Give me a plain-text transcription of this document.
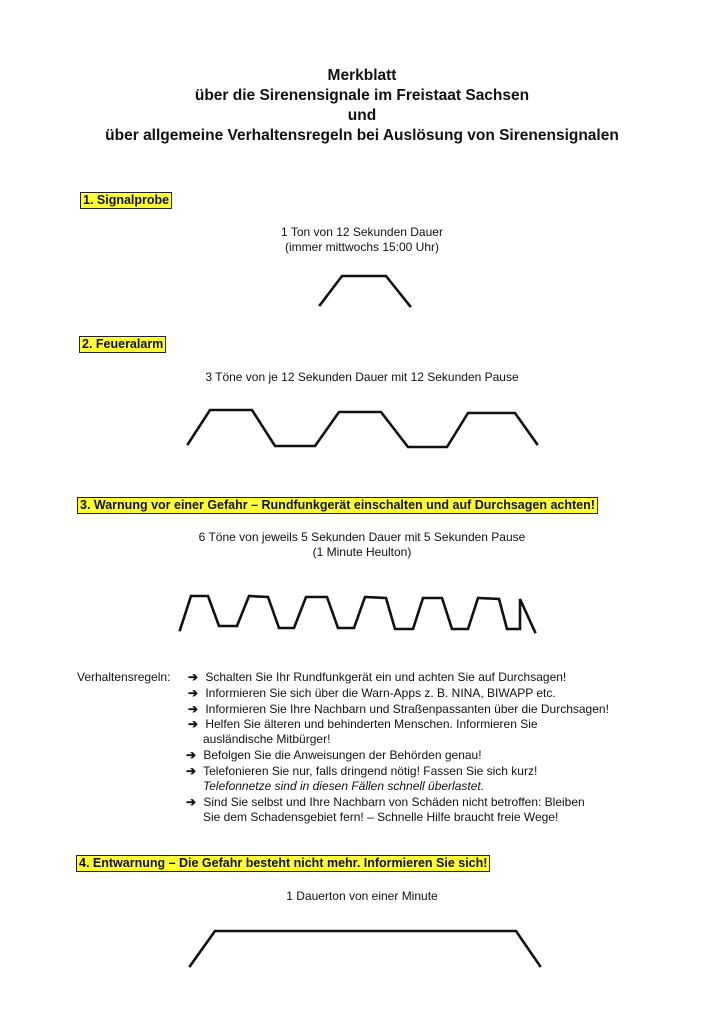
Merkblatt
über die Sirenensignale im Freistaat Sachsen
und
über allgemeine Verhaltensregeln bei Auslösung von Sirenensignalen
1. Signalprobe
1 Ton von 12 Sekunden Dauer
(immer mittwochs 15:00 Uhr)
2. Feueralarm
3 Töne von je 12 Sekunden Dauer mit 12 Sekunden Pause
3. Warnung vor einer Gefahr – Rundfunkgerät einschalten und auf Durchsagen achten!
6 Töne von jeweils 5 Sekunden Dauer mit 5 Sekunden Pause
(1 Minute Heulton)
Verhaltensregeln: ➔ Schalten Sie Ihr Rundfunkgerät ein und achten Sie auf Durchsagen!
➔ Informieren Sie sich über die Warn-Apps z. B. NINA, BIWAPP etc.
➔ Informieren Sie Ihre Nachbarn und Straßenpassanten über die Durchsagen!
➔ Helfen Sie älteren und behinderten Menschen. Informieren Sie
ausländische Mitbürger!
➔ Befolgen Sie die Anweisungen der Behörden genau!
➔ Telefonieren Sie nur, falls dringend nötig! Fassen Sie sich kurz!
Telefonnetze sind in diesen Fällen schnell überlastet.
➔ Sind Sie selbst und Ihre Nachbarn von Schäden nicht betroffen: Bleiben
Sie dem Schadensgebiet fern! – Schnelle Hilfe braucht freie Wege!
4. Entwarnung – Die Gefahr besteht nicht mehr. Informieren Sie sich!
1 Dauerton von einer Minute
